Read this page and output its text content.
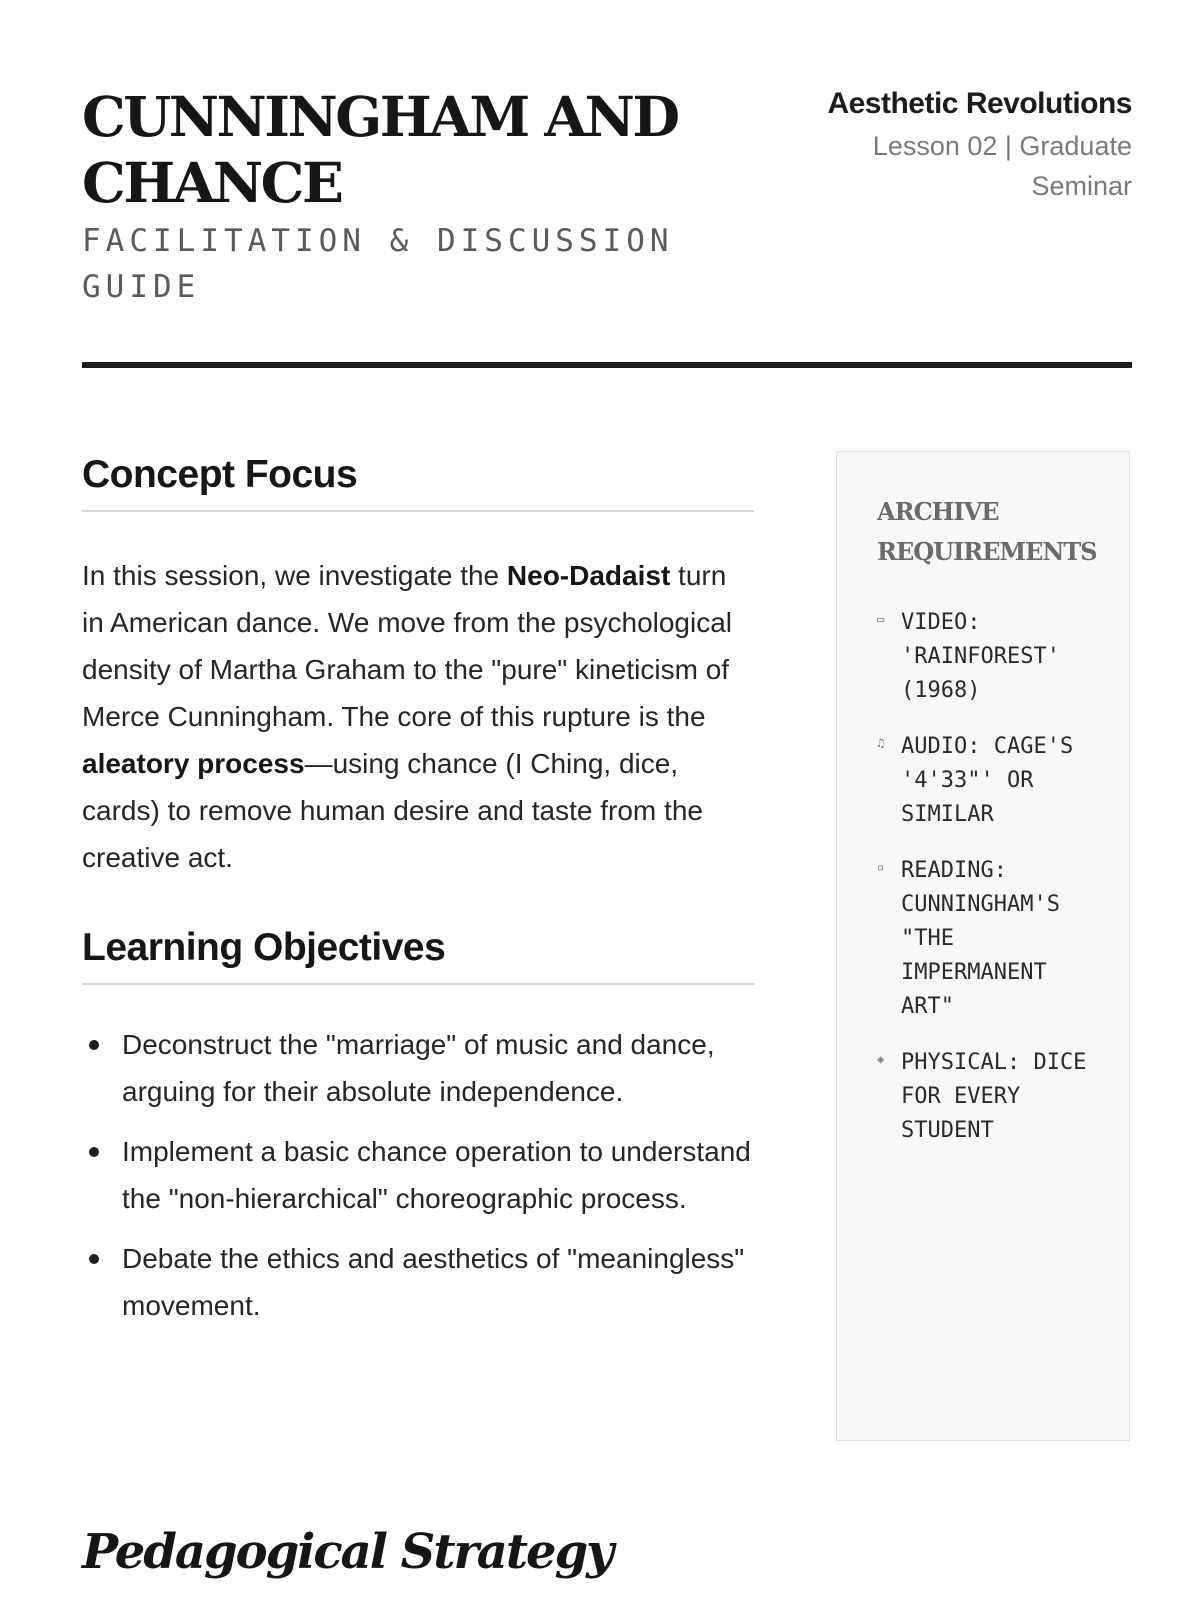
CUNNINGHAM AND CHANCE
FACILITATION & DISCUSSION GUIDE
Aesthetic Revolutions
Lesson 02 | Graduate Seminar
Concept Focus

In this session, we investigate the Neo-Dadaist turn in American dance. We move from the psychological density of Martha Graham to the "pure" kineticism of Merce Cunningham. The core of this rupture is the aleatory process—using chance (I Ching, dice, cards) to remove human desire and taste from the creative act.

Learning Objectives
Deconstruct the "marriage" of music and dance, arguing for their absolute independence.
Implement a basic chance operation to understand the "non-hierarchical" choreographic process.
Debate the ethics and aesthetics of "meaningless" movement.
ARCHIVE REQUIREMENTS
▭ VIDEO: 'RAINFOREST' (1968)
♫ AUDIO: CAGE'S '4'33"' OR SIMILAR
▫ READING: CUNNINGHAM'S "THE IMPERMANENT ART"
◈ PHYSICAL: DICE FOR EVERY STUDENT
Pedagogical Strategy
